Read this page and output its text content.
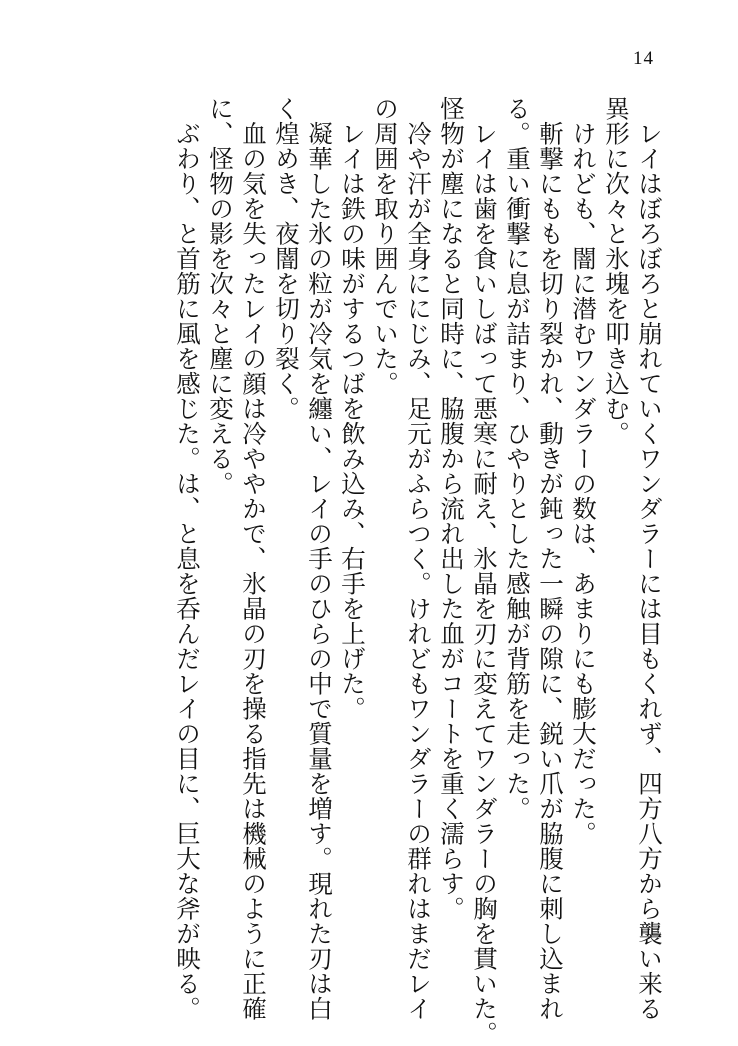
14

レイはぼろぼろと崩れていくワンダラーには目もくれず、四方八方から襲い来る

異形に次々と氷塊を叩き込む。

けれども、闇に潜むワンダラーの数は、あまりにも膨大だった。

斬撃にももを切り裂かれ、動きが鈍った一瞬の隙に、鋭い爪が脇腹に刺し込まれ

る。重い衝撃に息が詰まり、ひやりとした感触が背筋を走った。

レイは歯を食いしばって悪寒に耐え、氷晶を刃に変えてワンダラーの胸を貫いた。

怪物が塵になると同時に、脇腹から流れ出した血がコートを重く濡らす。

冷や汗が全身ににじみ、足元がふらつく。けれどもワンダラーの群れはまだレイ

の周囲を取り囲んでいた。

レイは鉄の味がするつばを飲み込み、右手を上げた。

凝華した氷の粒が冷気を纏い、レイの手のひらの中で質量を増す。現れた刃は白

く煌めき、夜闇を切り裂く。

血の気を失ったレイの顔は冷ややかで、氷晶の刃を操る指先は機械のように正確

に、怪物の影を次々と塵に変える。

ぶわり、と首筋に風を感じた。は、と息を呑んだレイの目に、巨大な斧が映る。
